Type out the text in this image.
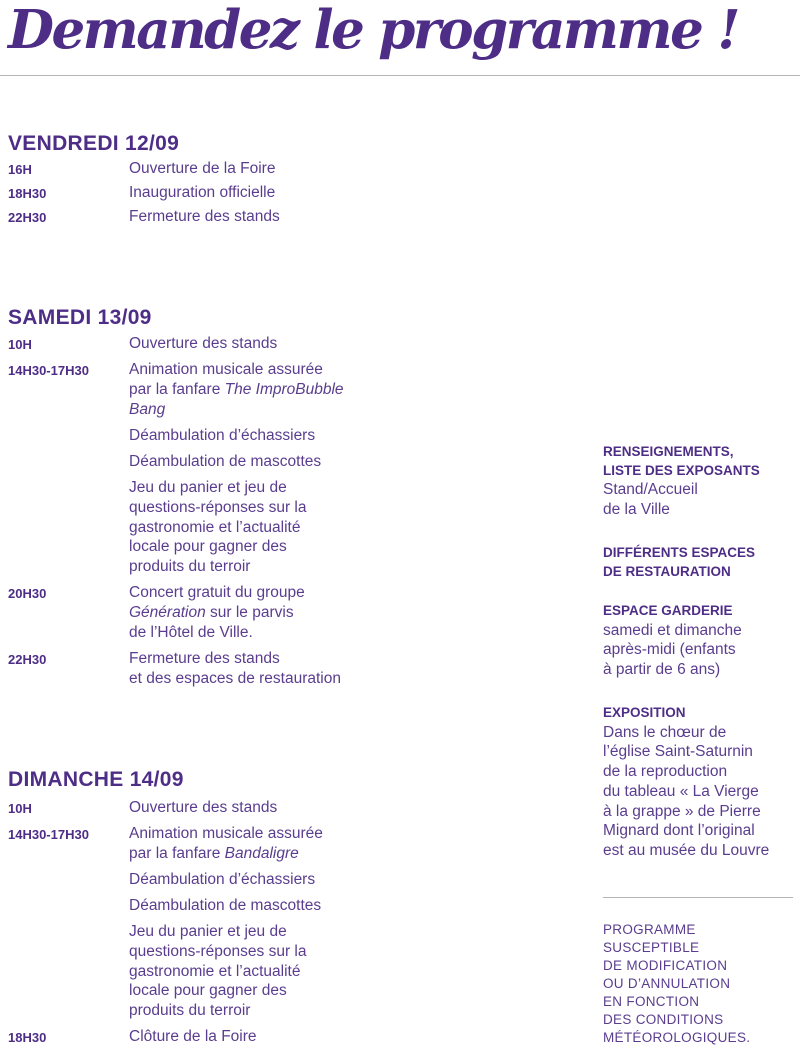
Demandez le programme !
VENDREDI 12/09
16H	Ouverture de la Foire
18H30	Inauguration officielle
22H30	Fermeture des stands
SAMEDI 13/09
10H	Ouverture des stands
14H30-17H30	Animation musicale assurée
par la fanfare The ImproBubble
Bang
Déambulation d’échassiers
Déambulation de mascottes
Jeu du panier et jeu de
questions-réponses sur la
gastronomie et l’actualité
locale pour gagner des
produits du terroir
20H30	Concert gratuit du groupe
Génération sur le parvis
de l’Hôtel de Ville.
22H30	Fermeture des stands
et des espaces de restauration
DIMANCHE 14/09
10H	Ouverture des stands
14H30-17H30	Animation musicale assurée
par la fanfare Bandaligre
Déambulation d’échassiers
Déambulation de mascottes
Jeu du panier et jeu de
questions-réponses sur la
gastronomie et l’actualité
locale pour gagner des
produits du terroir
18H30	Clôture de la Foire
RENSEIGNEMENTS,
LISTE DES EXPOSANTS
Stand/Accueil
de la Ville
DIFFÉRENTS ESPACES
DE RESTAURATION
ESPACE GARDERIE
samedi et dimanche
après-midi (enfants
à partir de 6 ans)
EXPOSITION
Dans le chœur de
l’église Saint-Saturnin
de la reproduction
du tableau « La Vierge
à la grappe » de Pierre
Mignard dont l’original
est au musée du Louvre
PROGRAMME
SUSCEPTIBLE
DE MODIFICATION
OU D’ANNULATION
EN FONCTION
DES CONDITIONS
MÉTÉOROLOGIQUES.
